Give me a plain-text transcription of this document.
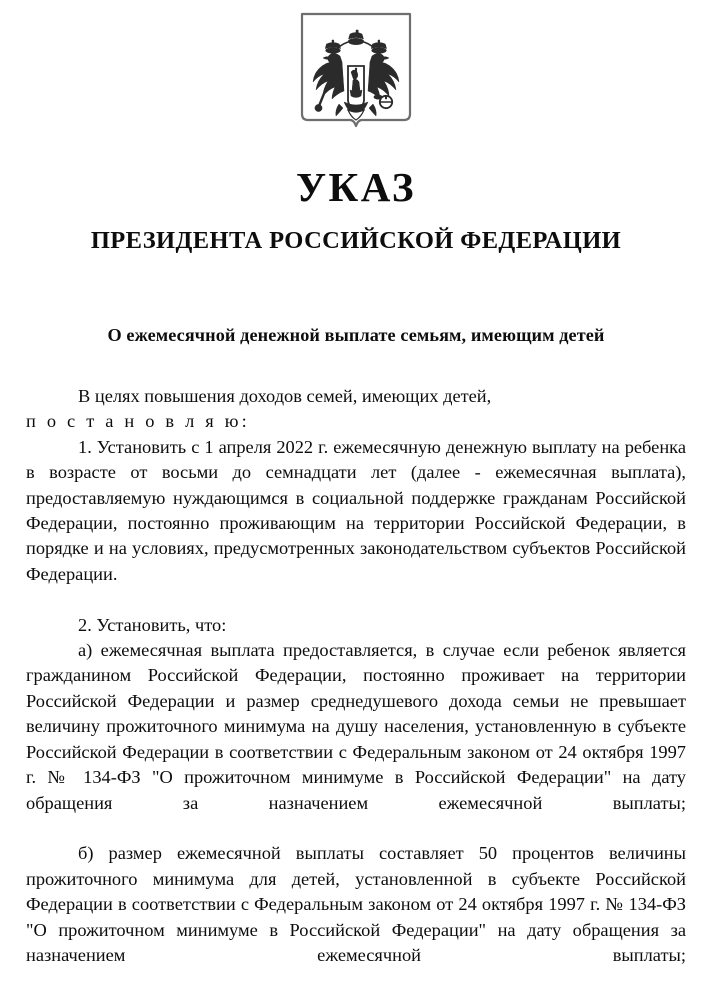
УКАЗ
ПРЕЗИДЕНТА РОССИЙСКОЙ ФЕДЕРАЦИИ
О ежемесячной денежной выплате семьям, имеющим детей

В целях повышения доходов семей, имеющих детей,

п о с т а н о в л я ю:

1. Установить с 1 апреля 2022 г. ежемесячную денежную выплату на ребенка в возрасте от восьми до семнадцати лет (далее - ежемесячная выплата), предоставляемую нуждающимся в социальной поддержке гражданам Российской Федерации, постоянно проживающим на территории Российской Федерации, в порядке и на условиях, предусмотренных законодательством субъектов Российской Федерации.

2. Установить, что:

а) ежемесячная выплата предоставляется, в случае если ребенок является гражданином Российской Федерации, постоянно проживает на территории Российской Федерации и размер среднедушевого дохода семьи не превышает величину прожиточного минимума на душу населения, установленную в субъекте Российской Федерации в соответствии с Федеральным законом от 24 октября 1997 г. № 134-ФЗ "О прожиточном минимуме в Российской Федерации" на дату обращения за назначением ежемесячной выплаты;

б) размер ежемесячной выплаты составляет 50 процентов величины прожиточного минимума для детей, установленной в субъекте Российской Федерации в соответствии с Федеральным законом от 24 октября 1997 г. № 134-ФЗ "О прожиточном минимуме в Российской Федерации" на дату обращения за назначением ежемесячной выплаты;
